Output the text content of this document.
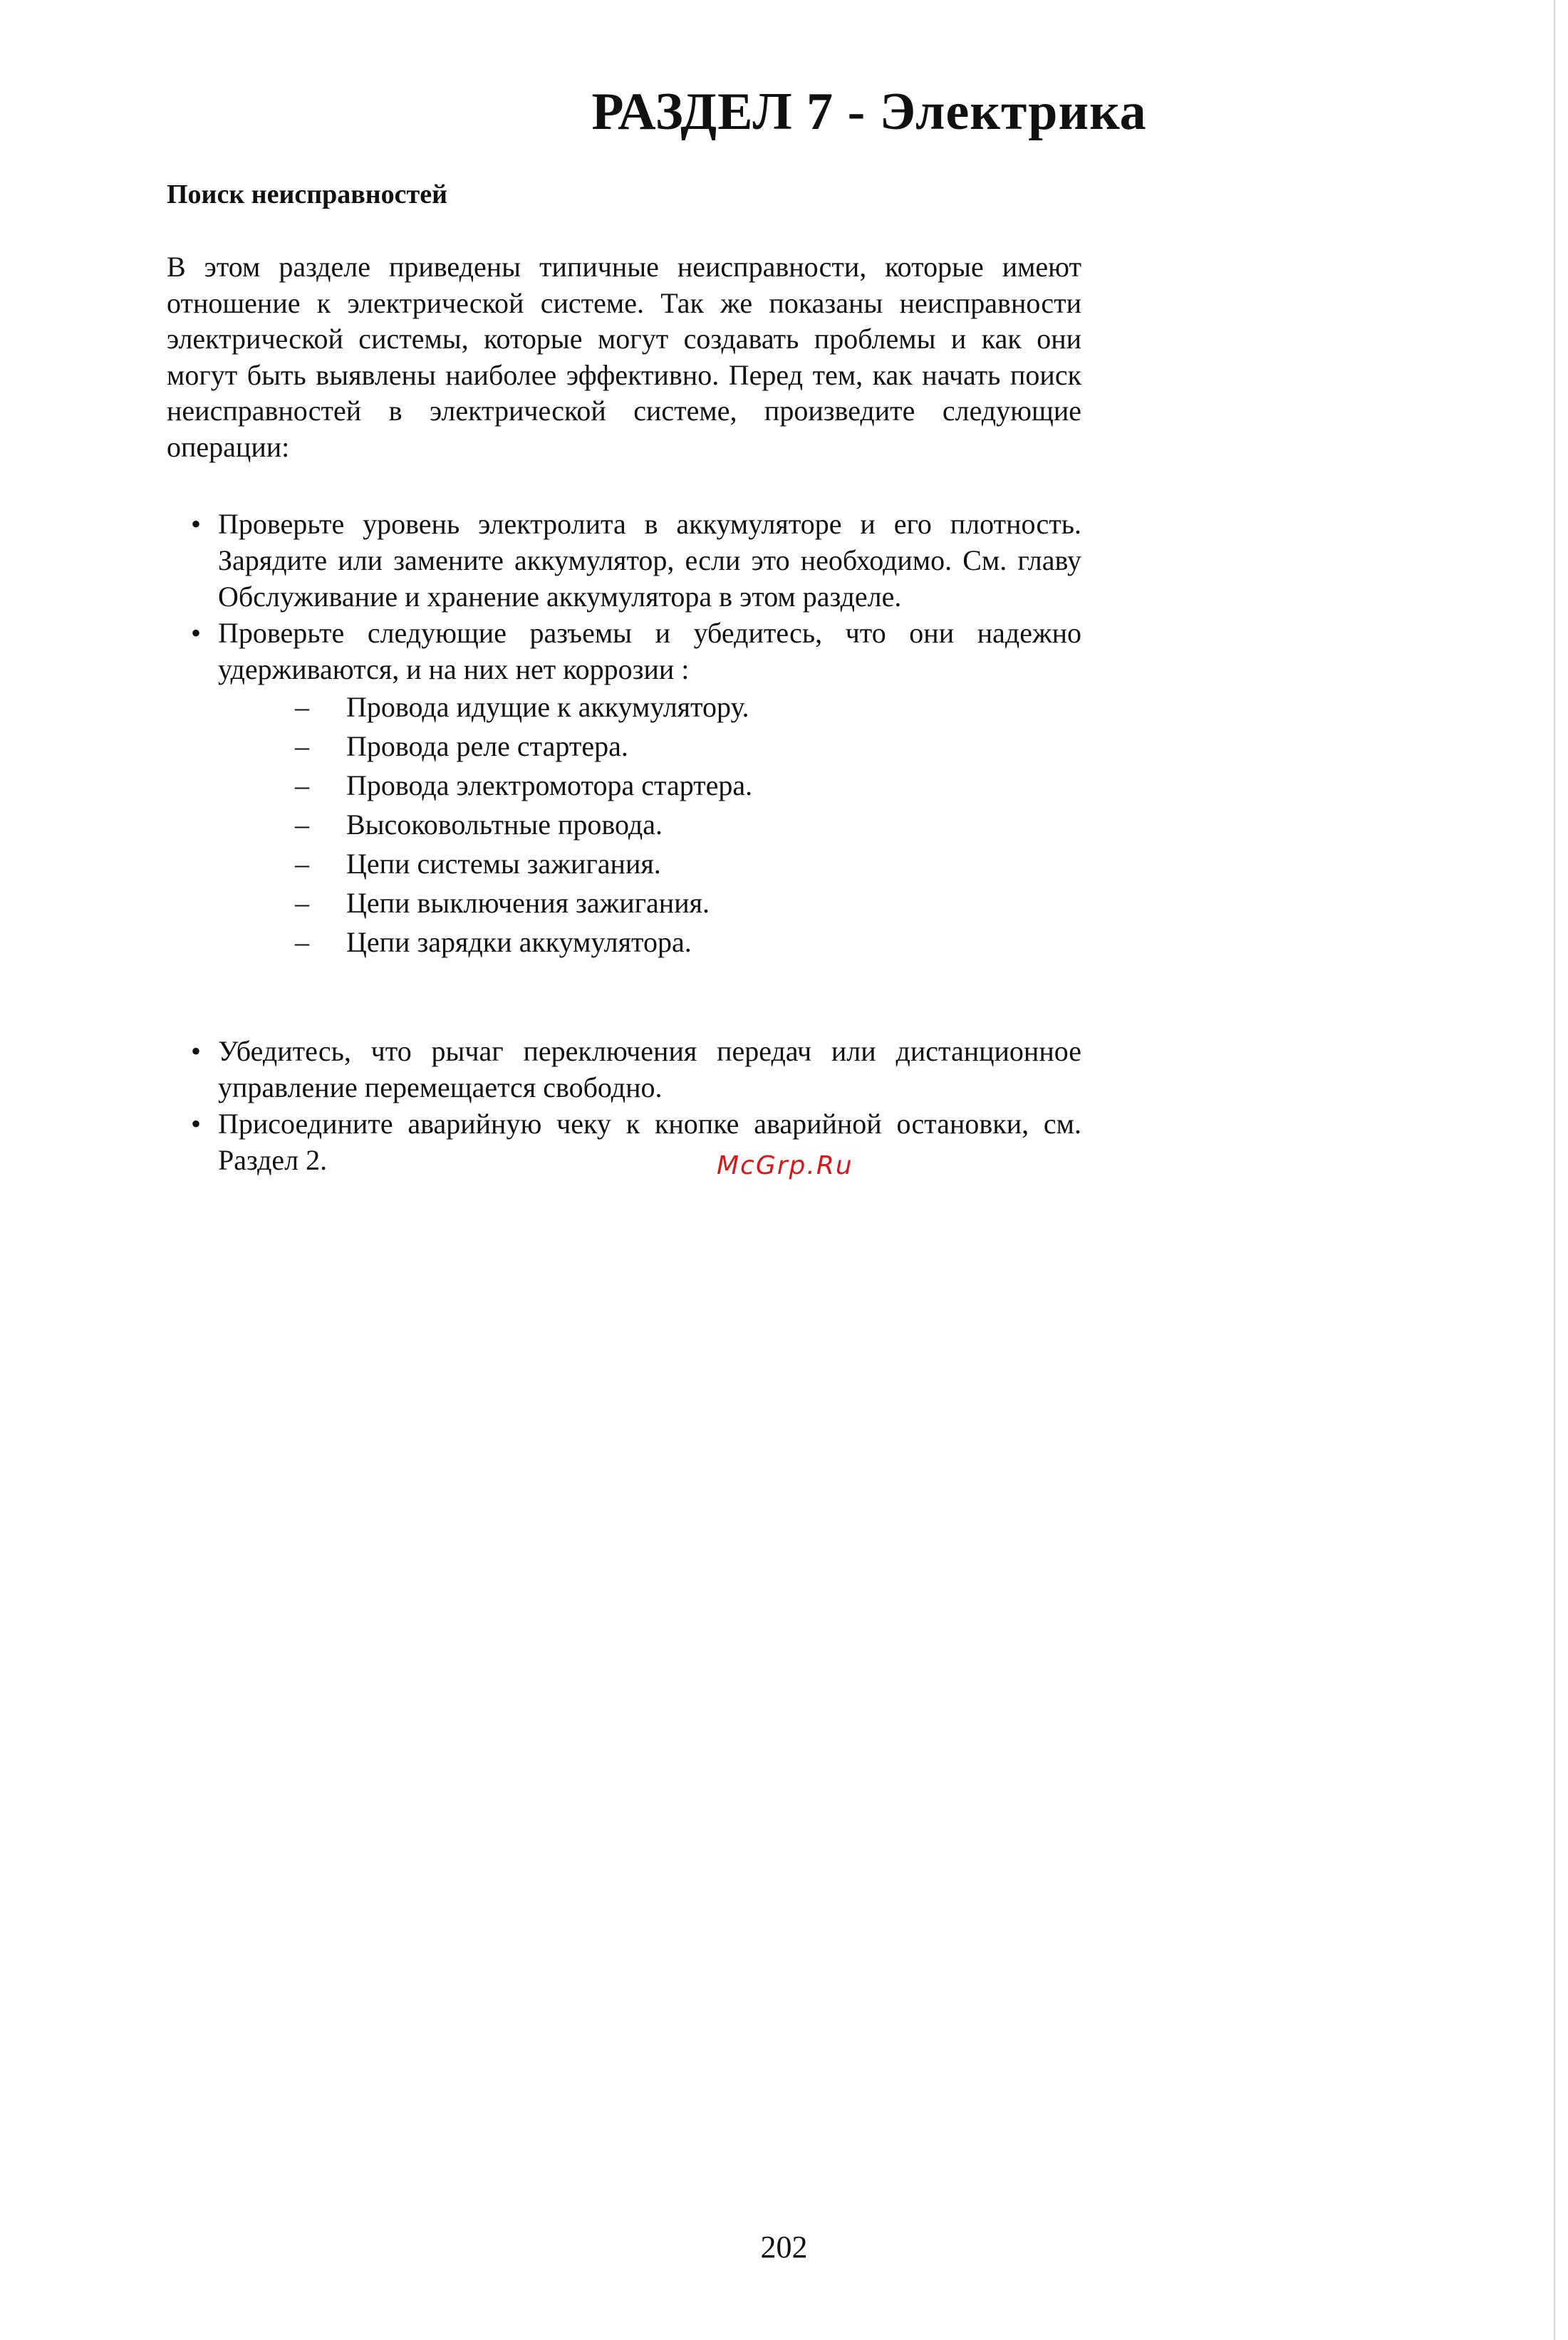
РАЗДЕЛ 7 - Электрика
Поиск неисправностей

В этом разделе приведены типичные неисправности, которые имеют отношение к электрической системе. Так же показаны неисправности электрической системы, которые могут создавать проблемы и как они могут быть выявлены наиболее эффективно. Перед тем, как начать поиск неисправностей в электрической системе, произведите следующие операции:

• Проверьте уровень электролита в аккумуляторе и его плотность. Зарядите или замените аккумулятор, если это необходимо. См. главу Обслуживание и хранение аккумулятора в этом разделе.
• Проверьте следующие разъемы и убедитесь, что они надежно удерживаются, и на них нет коррозии :
– Провода идущие к аккумулятору.
– Провода реле стартера.
– Провода электромотора стартера.
– Высоковольтные провода.
– Цепи системы зажигания.
– Цепи выключения зажигания.
– Цепи зарядки аккумулятора.
• Убедитесь, что рычаг переключения передач или дистанционное управление перемещается свободно.
• Присоедините аварийную чеку к кнопке аварийной остановки, см. Раздел 2.	McGrp.Ru
202
